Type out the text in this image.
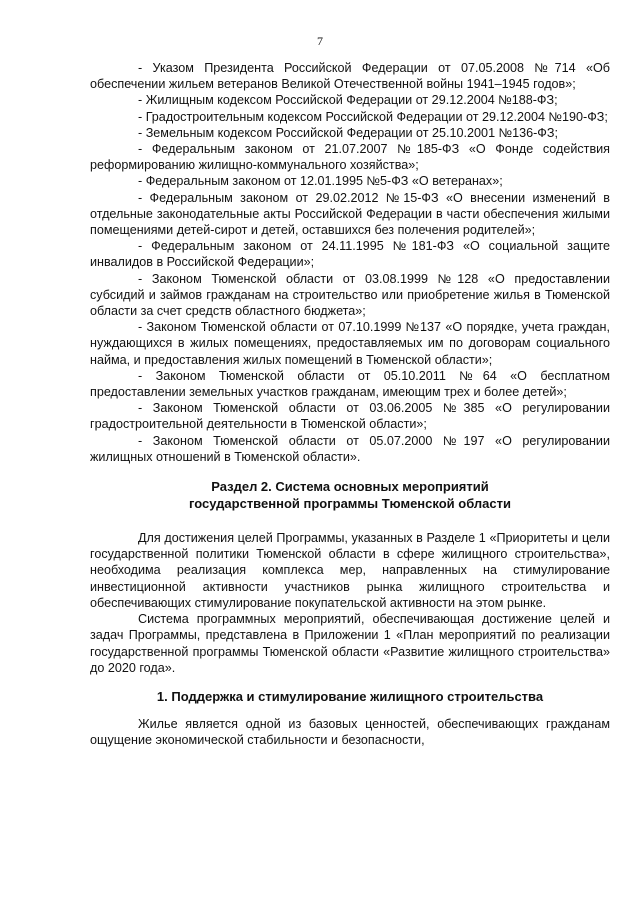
7

- Указом Президента Российской Федерации от 07.05.2008 №714 «Об обеспечении жильем ветеранов Великой Отечественной войны 1941–1945 годов»;

- Жилищным кодексом Российской Федерации от 29.12.2004 №188-ФЗ;

- Градостроительным кодексом Российской Федерации от 29.12.2004 №190-ФЗ;

- Земельным кодексом Российской Федерации от 25.10.2001 №136-ФЗ;

- Федеральным законом от 21.07.2007 №185-ФЗ «О Фонде содействия реформированию жилищно-коммунального хозяйства»;

- Федеральным законом от 12.01.1995 №5-ФЗ «О ветеранах»;

- Федеральным законом от 29.02.2012 №15-ФЗ «О внесении изменений в отдельные законодательные акты Российской Федерации в части обеспечения жилыми помещениями детей-сирот и детей, оставшихся без полечения родителей»;

- Федеральным законом от 24.11.1995 №181-ФЗ «О социальной защите инвалидов в Российской Федерации»;

- Законом Тюменской области от 03.08.1999 №128 «О предоставлении субсидий и займов гражданам на строительство или приобретение жилья в Тюменской области за счет средств областного бюджета»;

- Законом Тюменской области от 07.10.1999 №137 «О порядке, учета граждан, нуждающихся в жилых помещениях, предоставляемых им по договорам социального найма, и предоставления жилых помещений в Тюменской области»;

- Законом Тюменской области от 05.10.2011 №64 «О бесплатном предоставлении земельных участков гражданам, имеющим трех и более детей»;

- Законом Тюменской области от 03.06.2005 №385 «О регулировании градостроительной деятельности в Тюменской области»;

- Законом Тюменской области от 05.07.2000 №197 «О регулировании жилищных отношений в Тюменской области».

Раздел 2. Система основных мероприятий
государственной программы Тюменской области

Для достижения целей Программы, указанных в Разделе 1 «Приоритеты и цели государственной политики Тюменской области в сфере жилищного строительства», необходима реализация комплекса мер, направленных на стимулирование инвестиционной активности участников рынка жилищного строительства и обеспечивающих стимулирование покупательской активности на этом рынке.

Система программных мероприятий, обеспечивающая достижение целей и задач Программы, представлена в Приложении 1 «План мероприятий по реализации государственной программы Тюменской области «Развитие жилищного строительства» до 2020 года».

1. Поддержка и стимулирование жилищного строительства

Жилье является одной из базовых ценностей, обеспечивающих гражданам ощущение экономической стабильности и безопасности,
